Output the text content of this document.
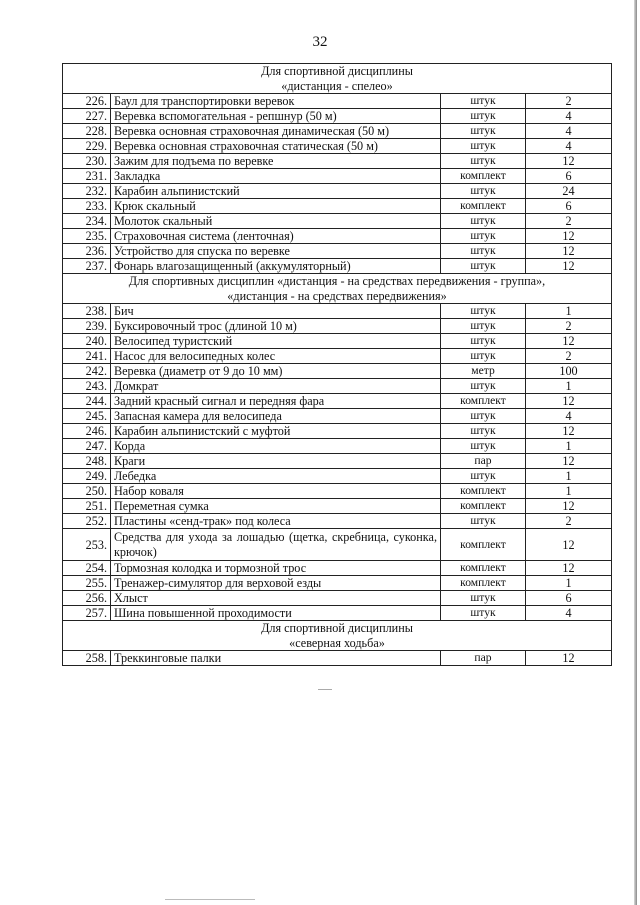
32
Для спортивной дисциплины
«дистанция - спелео»			

226.	Баул для транспортировки веревок	штук	2
227.	Веревка вспомогательная - репшнур (50 м)	штук	4
228.	Веревка основная страховочная динамическая (50 м)	штук	4
229.	Веревка основная страховочная статическая (50 м)	штук	4
230.	Зажим для подъема по веревке	штук	12
231.	Закладка	комплект	6
232.	Карабин альпинистский	штук	24
233.	Крюк скальный	комплект	6
234.	Молоток скальный	штук	2
235.	Страховочная система (ленточная)	штук	12
236.	Устройство для спуска по веревке	штук	12
237.	Фонарь влагозащищенный (аккумуляторный)	штук	12

Для спортивных дисциплин «дистанция - на средствах передвижения - группа»,
«дистанция - на средствах передвижения»			

238.	Бич	штук	1
239.	Буксировочный трос (длиной 10 м)	штук	2
240.	Велосипед туристский	штук	12
241.	Насос для велосипедных колес	штук	2
242.	Веревка (диаметр от 9 до 10 мм)	метр	100
243.	Домкрат	штук	1
244.	Задний красный сигнал и передняя фара	комплект	12
245.	Запасная камера для велосипеда	штук	4
246.	Карабин альпинистский с муфтой	штук	12
247.	Корда	штук	1
248.	Краги	пар	12
249.	Лебедка	штук	1
250.	Набор коваля	комплект	1
251.	Переметная сумка	комплект	12
252.	Пластины «сенд-трак» под колеса	штук	2
253.	Средства для ухода за лошадью (щетка, скребница, суконка, крючок)	комплект	12
254.	Тормозная колодка и тормозной трос	комплект	12
255.	Тренажер-симулятор для верховой езды	комплект	1
256.	Хлыст	штук	6
257.	Шина повышенной проходимости	штук	4

Для спортивной дисциплины
«северная ходьба»			

258.	Треккинговые палки	пар	12
